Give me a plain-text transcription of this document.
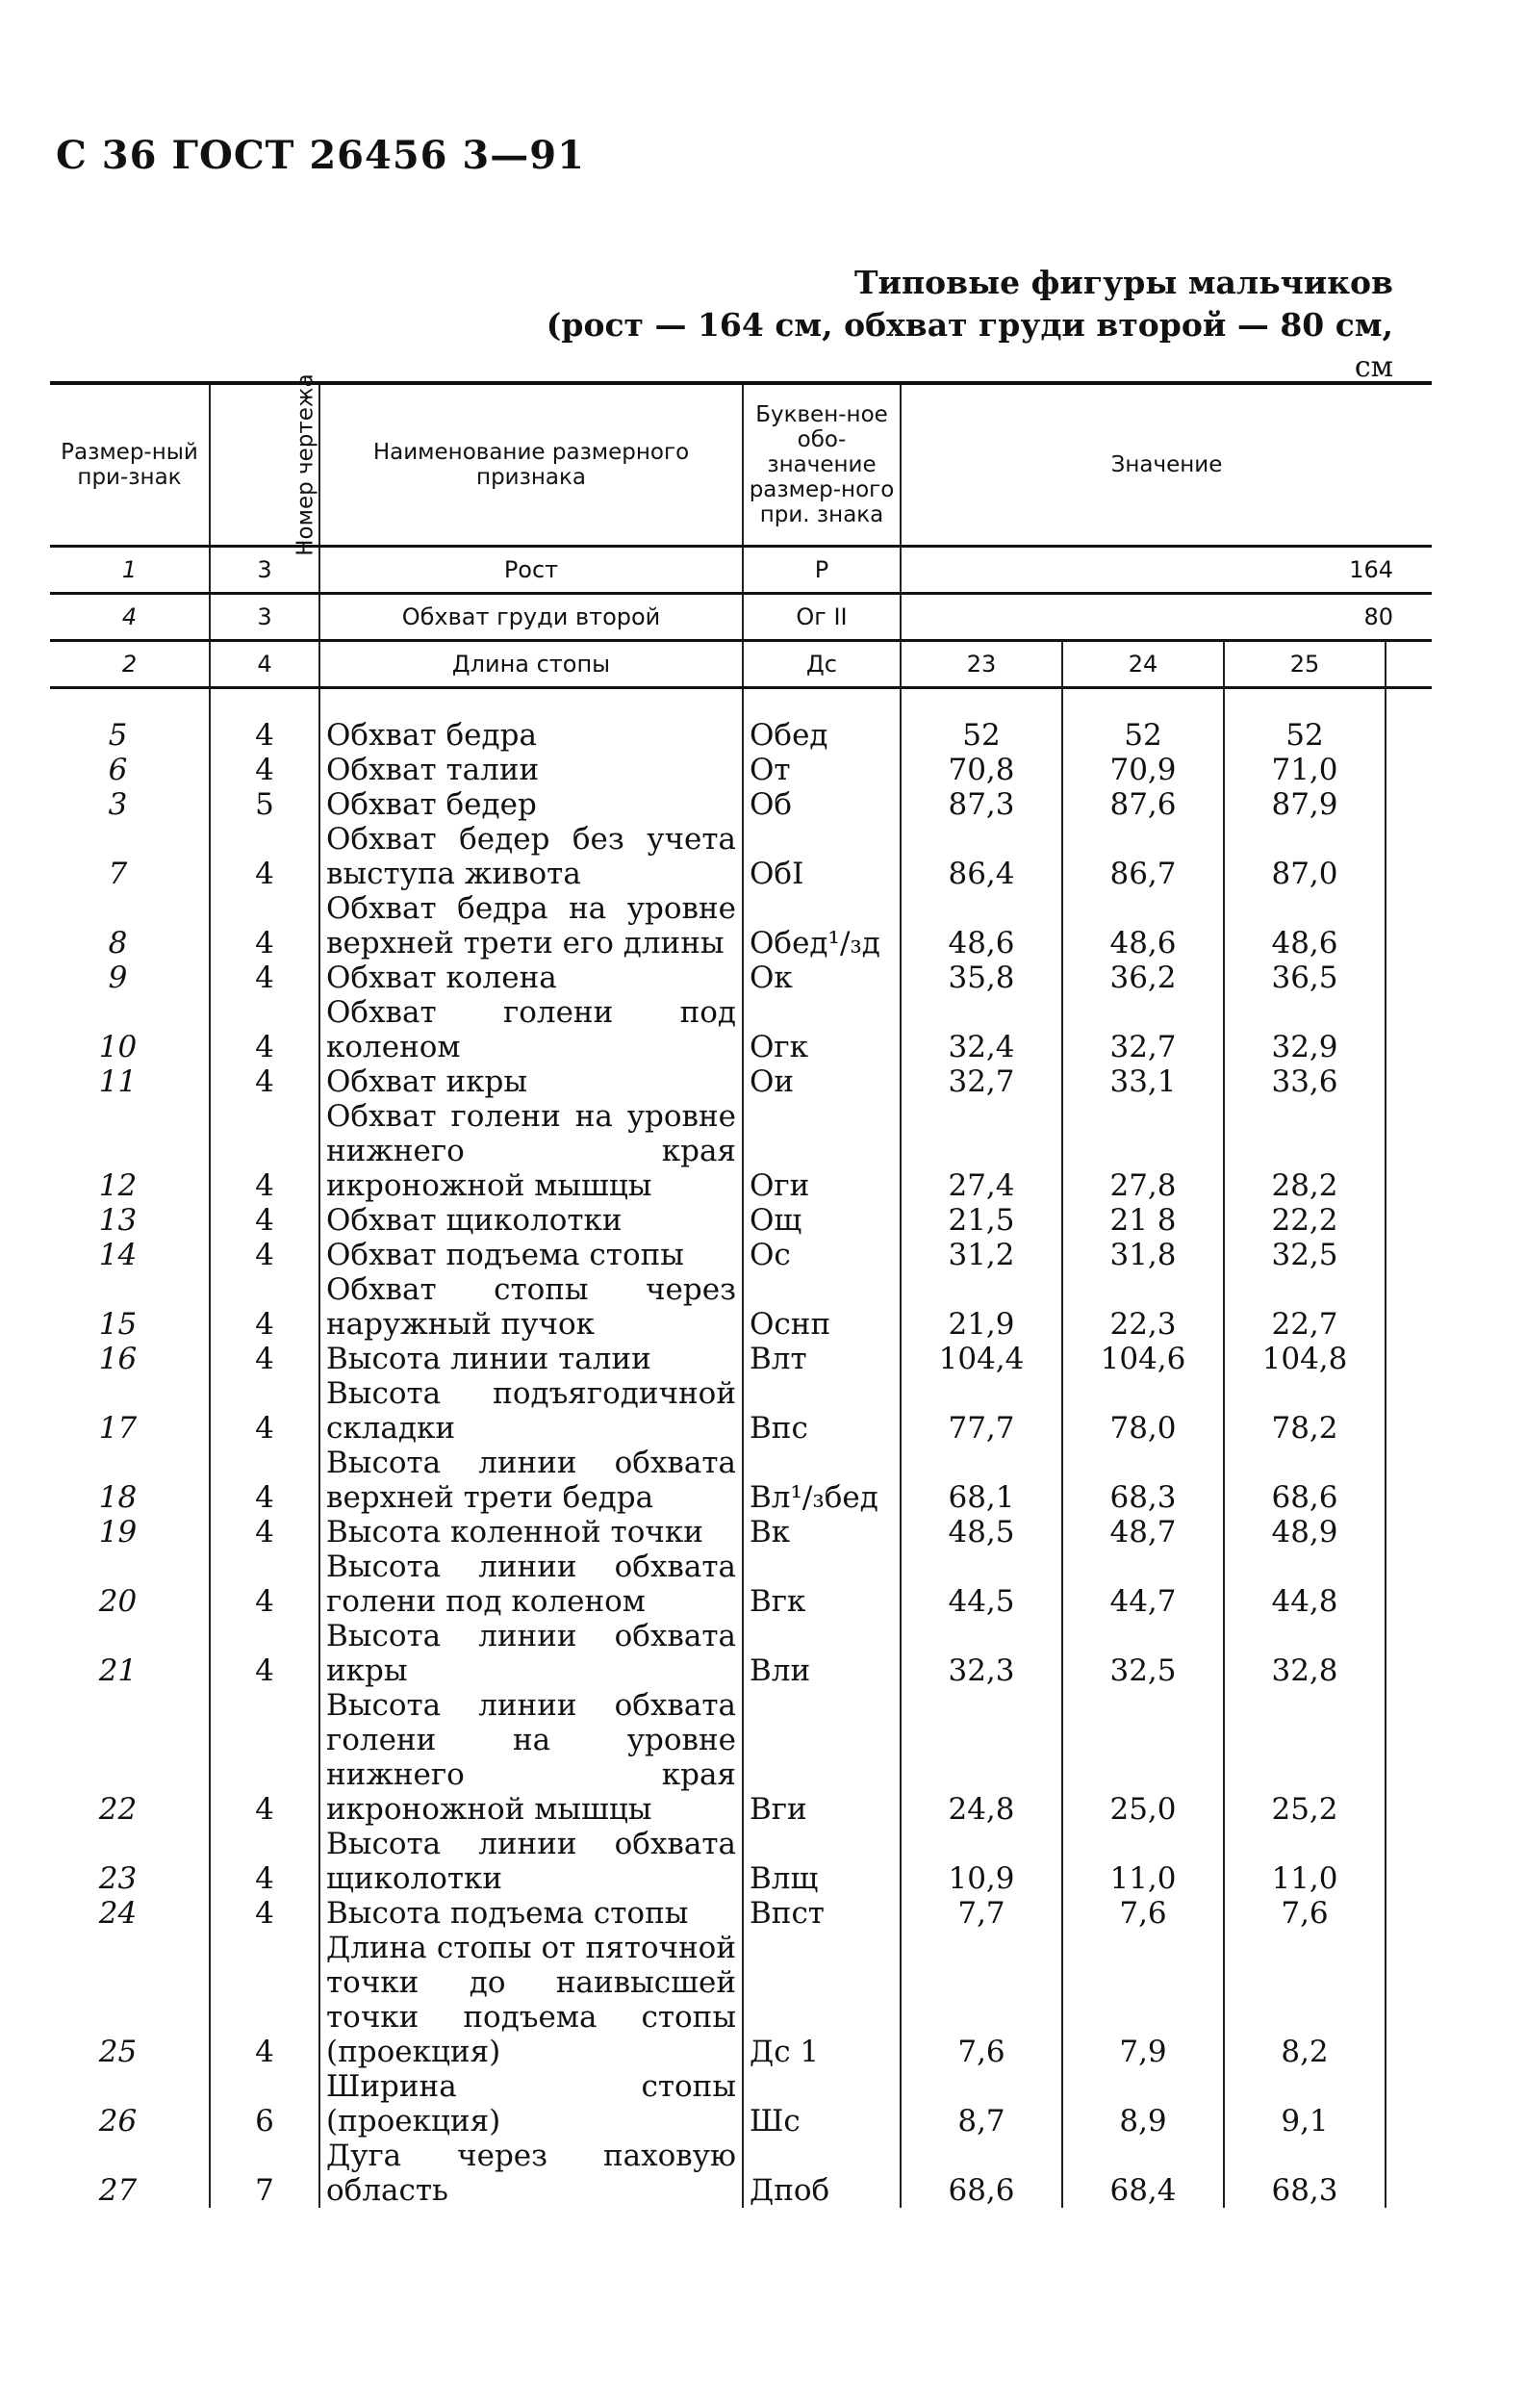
С 36 ГОСТ 26456 3—91
Типовые фигуры мальчиков
(рост — 164 см, обхват груди второй — 80 см,
см
Размер-ный при-знак	Номер чертежа	Наименование размерного признака	Буквен-ное обо-значение размер-ного при. знака	Значение			
1	3	Рост	Р	164			
4	3	Обхват груди второй	Ог II	80			
2	4	Длина стопы	Дс	23	24	25	

5	4	Обхват бедра	Обед	52	52	52	
6	4	Обхват талии	От	70,8	70,9	71,0	
3	5	Обхват бедер	Об	87,3	87,6	87,9	
7	4	Обхват бедер без учета выступа живота	ОбI	86,4	86,7	87,0	
8	4	Обхват бедра на уровне верхней трети его длины	Обед¹/₃д	48,6	48,6	48,6	
9	4	Обхват колена	Ок	35,8	36,2	36,5	
10	4	Обхват голени под коленом	Огк	32,4	32,7	32,9	
11	4	Обхват икры	Ои	32,7	33,1	33,6	
12	4	Обхват голени на уровне нижнего края икроножной мышцы	Оги	27,4	27,8	28,2	
13	4	Обхват щиколотки	Ощ	21,5	21 8	22,2	
14	4	Обхват подъема стопы	Ос	31,2	31,8	32,5	
15	4	Обхват стопы через наружный пучок	Оснп	21,9	22,3	22,7	
16	4	Высота линии талии	Влт	104,4	104,6	104,8	
17	4	Высота подъягодичной складки	Впс	77,7	78,0	78,2	
18	4	Высота линии обхвата верхней трети бедра	Вл¹/₃бед	68,1	68,3	68,6	
19	4	Высота коленной точки	Вк	48,5	48,7	48,9	
20	4	Высота линии обхвата голени под коленом	Вгк	44,5	44,7	44,8	
21	4	Высота линии обхвата икры	Вли	32,3	32,5	32,8	
22	4	Высота линии обхвата голени на уровне нижнего края икроножной мышцы	Вги	24,8	25,0	25,2	
23	4	Высота линии обхвата щиколотки	Влщ	10,9	11,0	11,0	
24	4	Высота подъема стопы	Впст	7,7	7,6	7,6	
25	4	Длина стопы от пяточной точки до наивысшей точки подъема стопы (проекция)	Дс 1	7,6	7,9	8,2	
26	6	Ширина стопы (проекция)	Шс	8,7	8,9	9,1	
27	7	Дуга через паховую область	Дпоб	68,6	68,4	68,3	
